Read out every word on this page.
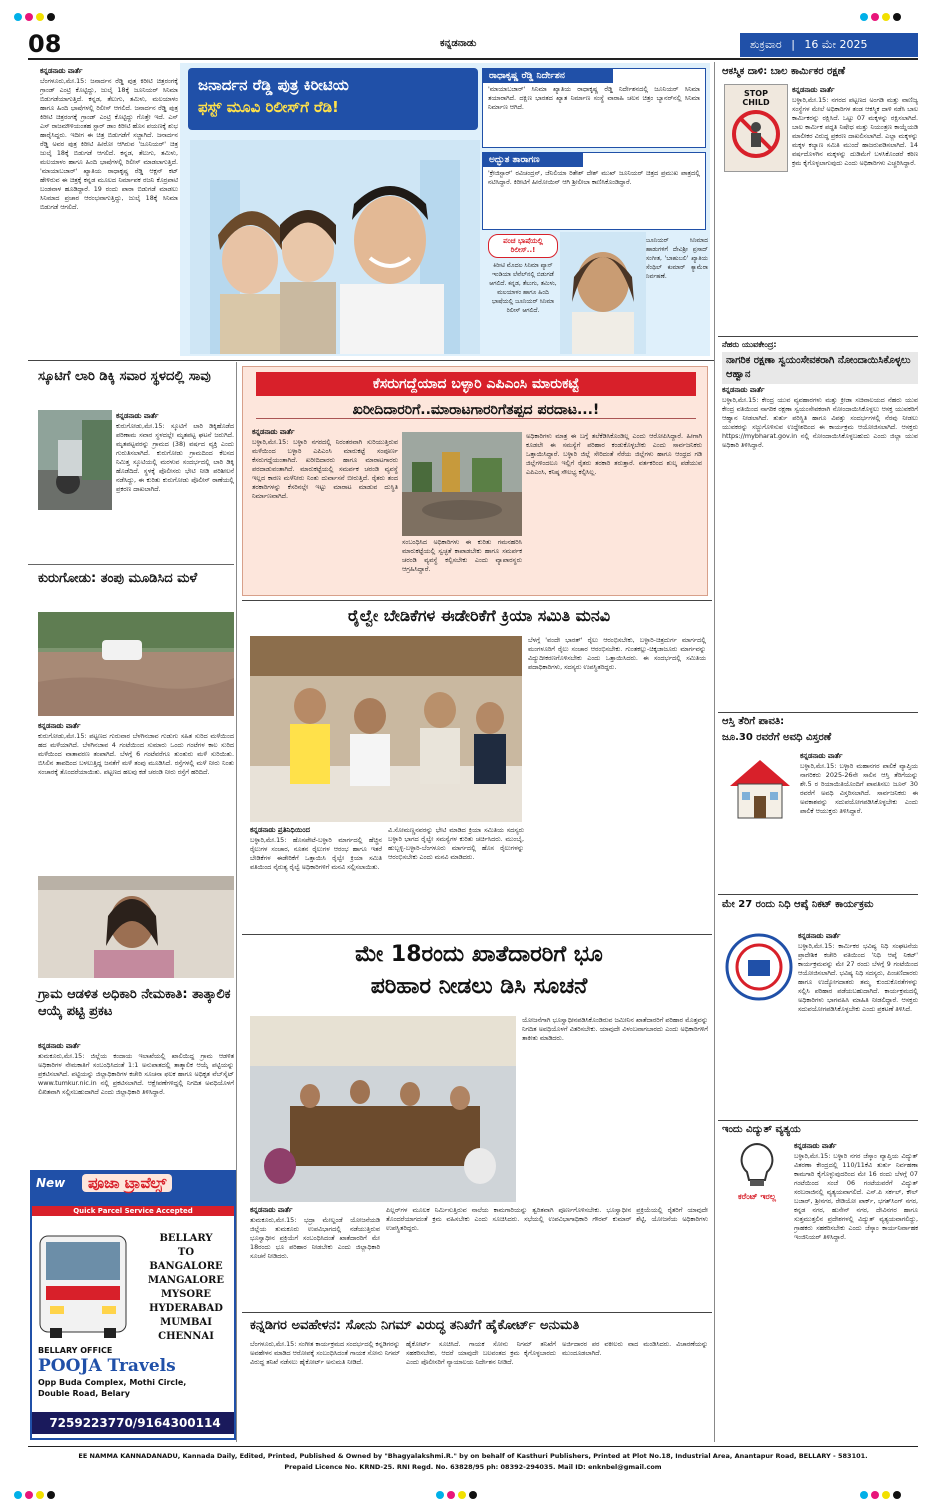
08	ಕನ್ನಡನಾಡು	ಶುಕ್ರವಾರ | 16 ಮೇ 2025
ಜನಾರ್ದನ ರೆಡ್ಡಿ ಪುತ್ರ ಕಿರೀಟಿಯ
ಫಸ್ಟ್ ಮೂವಿ ರಿಲೀಸ್‌ಗೆ ರೆಡಿ!
ಕನ್ನಡನಾಡು ವಾರ್ತೆ
ಬೆಂಗಳೂರು,ಮೇ.15: ಜನಾರ್ದನ ರೆಡ್ಡಿ ಪುತ್ರ ಕಿರೀಟಿ ಚಿತ್ರರಂಗಕ್ಕೆ ಗ್ರಾಂಡ್ ಎಂಟ್ರಿ ಕೊಟ್ಟಿದ್ದು, ಜುಲೈ 18ಕ್ಕೆ ಜೂನಿಯರ್ ಸಿನಿಮಾ ಬಿಡುಗಡೆಯಾಗುತ್ತಿದೆ. ಕನ್ನಡ, ತೆಲುಗು, ತಮಿಳು, ಮಲಯಾಳಂ ಹಾಗೂ ಹಿಂದಿ ಭಾಷೆಗಳಲ್ಲಿ ರಿಲೀಸ್ ಆಗಲಿದೆ. ಜನಾರ್ದನ ರೆಡ್ಡಿ ಪುತ್ರ ಕಿರೀಟಿ ಚಿತ್ರರಂಗಕ್ಕೆ ಗ್ರಾಂಡ್ ಎಂಟ್ರಿ ಕೊಟ್ಟಿದ್ದು ಗೊತ್ತೇ ಇದೆ. ಎಸ್ ಎಸ್ ರಾಜಮೌಳಿಯಂತಹ ಸ್ಟಾರ್ ಡಾಂ ಕಿರೀಟಿ ಹೊಸ ಪಯಣಕ್ಕೆ ಶುಭ ಹಾರೈಸಿದ್ದರು. ಇದೀಗ ಈ ಚಿತ್ರ ಬಿಡುಗಡೆಗೆ ಸಜ್ಜಾಗಿದೆ. ಜನಾರ್ದನ ರೆಡ್ಡಿ ಅವರ ಪುತ್ರ ಕಿರೀಟಿ ಹೀರೋ ಆಗಿರುವ 'ಜೂನಿಯರ್' ಚಿತ್ರ ಜುಲೈ 18ಕ್ಕೆ ಬಿಡುಗಡೆ ಆಗಲಿದೆ. ಕನ್ನಡ, ತೆಲುಗು, ತಮಿಳು, ಮಲಯಾಳಂ ಹಾಗೂ ಹಿಂದಿ ಭಾಷೆಗಳಲ್ಲಿ ರಿಲೀಸ್ ಮಾಡಲಾಗುತ್ತಿದೆ. 'ಮಾಯಾಬಜಾರ್' ಖ್ಯಾತಿಯ ರಾಧಾಕೃಷ್ಣ ರೆಡ್ಡಿ ಆಕ್ಷನ್ ಕಟ್ ಹೇಳಿರುವ ಈ ಚಿತ್ರಕ್ಕೆ ಕನ್ನಡ ಮೂಲದ ನಿರ್ಮಾಪಕ ರಜನಿ ಕೊರ್ರಪಾಟಿ ಬಂಡವಾಳ ಹೂಡಿದ್ದಾರೆ. 19 ರಂದು ಪಾರಾ ಬಿಡುಗಡೆ ಮಾಡಲು ಸಿನಿಮಾದ ಪ್ರಚಾರ ಆರಂಭವಾಗುತ್ತಿದ್ದು, ಜುಲೈ 18ಕ್ಕೆ ಸಿನಿಮಾ ಬಿಡುಗಡೆ ಆಗಲಿದೆ.
ರಾಧಾಕೃಷ್ಣ ರೆಡ್ಡಿ ನಿರ್ದೇಶನ
'ಮಾಯಾಬಜಾರ್' ಸಿನಿಮಾ ಖ್ಯಾತಿಯ ರಾಧಾಕೃಷ್ಣ ರೆಡ್ಡಿ ನಿರ್ದೇಶನದಲ್ಲಿ ಜೂನಿಯರ್ ಸಿನಿಮಾ ತಯಾರಾಗಿದೆ. ದಕ್ಷಿಣ ಭಾರತದ ಖ್ಯಾತ ನಿರ್ಮಾಣ ಸಂಸ್ಥೆ ವಾರಾಹಿ ಚಲನ ಚಿತ್ರಂ ಬ್ಯಾನರ್‌ನಲ್ಲಿ ಸಿನಿಮಾ ನಿರ್ಮಾಣ ಆಗಿದೆ.
ಅದ್ಭುತ ತಾರಾಗಣ
'ಕ್ರೇಜಿಸ್ಟಾರ್' ರವಿಚಂದ್ರನ್, ಜೆನಿಲಿಯಾ ರಿತೇಶ್ ದೇಶ್ ಮುಖ್ ಜೂನಿಯರ್ ಚಿತ್ರದ ಪ್ರಮುಖ ಪಾತ್ರದಲ್ಲಿ ನಟಿಸಿದ್ದಾರೆ. ಕಿರೀಟಿಗೆ ಹೀರೋಯಿನ್ ಆಗಿ ಶ್ರೀಲೀಲಾ ಕಾಣಿಸಿಕೊಂಡಿದ್ದಾರೆ.
ಜೂನಿಯರ್ ಸಿನಿಮಾದ ಹಾಡುಗಳಿಗೆ ದೇವಿಶ್ರೀ ಪ್ರಸಾದ್ ಸಂಗೀತ, 'ಬಾಹುಬಲಿ' ಖ್ಯಾತಿಯ ಸೆಂಥಿಲ್ ಕುಮಾರ್ ಕ್ಯಾಮೆರಾ ನಿರ್ವಹಣೆ.
ಪಂಚ ಭಾಷೆಯಲ್ಲಿ ರಿಲೀಸ್..!
ಕಿರೀಟಿ ಮೊದಲ ಸಿನಿಮಾ ಪ್ಯಾನ್ ಇಂಡಿಯಾ ಲೆವೆಲ್‌ನಲ್ಲಿ ಬಿಡುಗಡೆ ಆಗಲಿದೆ. ಕನ್ನಡ, ತೆಲುಗು, ತಮಿಳು, ಮಲಯಾಳಂ ಹಾಗೂ ಹಿಂದಿ ಭಾಷೆಯಲ್ಲಿ ಜೂನಿಯರ್ ಸಿನಿಮಾ ರಿಲೀಸ್ ಆಗಲಿದೆ.
ಸ್ಕೂಟಿಗೆ ಲಾರಿ ಡಿಕ್ಕಿ ಸವಾರ ಸ್ಥಳದಲ್ಲಿ ಸಾವು
ಕನ್ನಡನಾಡು ವಾರ್ತೆ
ಕುರುಗೋಡು,ಮೇ.15: ಸ್ಕೂಟಿಗೆ ಲಾರಿ ಡಿಕ್ಕಿಹೊಡೆದ ಪರಿಣಾಮ ಸವಾರ ಸ್ಥಳದಲ್ಲೇ ಮೃತಪಟ್ಟ ಘಟನೆ ಜರುಗಿದೆ. ಮೃತಪಟ್ಟವರನ್ನು ಗ್ರಾಮದ (38) ವರ್ಷದ ವ್ಯಕ್ತಿ ಎಂದು ಗುರುತಿಸಲಾಗಿದೆ. ಕುರುಗೋಡು ಗ್ರಾಮದಿಂದ ಕೆಲಸದ ನಿಮಿತ್ತ ಸ್ಕೂಟಿಯಲ್ಲಿ ಮರಳುವ ಸಂದರ್ಭದಲ್ಲಿ ಲಾರಿ ಡಿಕ್ಕಿ ಹೊಡೆದಿದೆ. ಸ್ಥಳಕ್ಕೆ ಪೊಲೀಸರು ಭೇಟಿ ನೀಡಿ ಪರಿಶೀಲನೆ ನಡೆಸಿದ್ದು, ಈ ಕುರಿತು ಕುರುಗೋಡು ಪೊಲೀಸ್ ಠಾಣೆಯಲ್ಲಿ ಪ್ರಕರಣ ದಾಖಲಾಗಿದೆ.
ಕುರುಗೋಡು: ತಂಪು ಮೂಡಿಸಿದ ಮಳೆ
ಕನ್ನಡನಾಡು ವಾರ್ತೆ
ಕುರುಗೋಡು,ಮೇ.15: ಪಟ್ಟಣದ ಗುರುವಾರ ಬೆಳಗಿನಜಾವ ಗುಡುಗು ಸಹಿತ ಸುರಿದ ಮಳೆಯಿಂದ ಹದ ಮಳೆಯಾಗಿದೆ. ಬೆಳಗಿನಜಾವ 4 ಗಂಟೆಯಿಂದ ಸುಮಾರು ಒಂದು ಗಂಟೆಗಳ ಕಾಲ ಸುರಿದ ಮಳೆಯಿಂದ ವಾತಾವರಣ ತಂಪಾಗಿದೆ. ಬೆಳಗ್ಗೆ 6 ಗಂಟೆವರೆಗೂ ತುಂತುರು ಮಳೆ ಸುರಿಯಿತು. ಬಿಸಿಲಿನ ತಾಪದಿಂದ ಬಳಲುತ್ತಿದ್ದ ಜನತೆಗೆ ಮಳೆ ತಂಪು ಮೂಡಿಸಿದೆ. ರಸ್ತೆಗಳಲ್ಲಿ ಮಳೆ ನೀರು ನಿಂತು ಸಂಚಾರಕ್ಕೆ ತೊಂದರೆಯಾಯಿತು. ಪಟ್ಟಣದ ಹಲವು ಕಡೆ ಚರಂಡಿ ನೀರು ರಸ್ತೆಗೆ ಹರಿದಿದೆ.
ಗ್ರಾಮ ಆಡಳಿತ ಅಧಿಕಾರಿ ನೇಮಕಾತಿ: ತಾತ್ಕಾಲಿಕ ಆಯ್ಕೆ ಪಟ್ಟಿ ಪ್ರಕಟ
ಕನ್ನಡನಾಡು ವಾರ್ತೆ
ತುಮಕೂರು,ಮೇ.15: ಜಿಲ್ಲೆಯ ಕಂದಾಯ ಇಲಾಖೆಯಲ್ಲಿ ಖಾಲಿಯಿದ್ದ ಗ್ರಾಮ ಆಡಳಿತ ಅಧಿಕಾರಿಗಳ ನೇಮಕಾತಿಗೆ ಸಂಬಂಧಿಸಿದಂತೆ 1:1 ಅನುಪಾತದಲ್ಲಿ ತಾತ್ಕಾಲಿಕ ಆಯ್ಕೆ ಪಟ್ಟಿಯನ್ನು ಪ್ರಕಟಿಸಲಾಗಿದೆ. ಪಟ್ಟಿಯನ್ನು ಜಿಲ್ಲಾಧಿಕಾರಿಗಳ ಕಚೇರಿ ಸೂಚನಾ ಫಲಕ ಹಾಗೂ ಅಧಿಕೃತ ವೆಬ್‌ಸೈಟ್ www.tumkur.nic.in ನಲ್ಲಿ ಪ್ರಕಟಿಸಲಾಗಿದೆ. ಆಕ್ಷೇಪಣೆಗಳಿದ್ದಲ್ಲಿ ನಿಗದಿತ ಅವಧಿಯೊಳಗೆ ಲಿಖಿತವಾಗಿ ಸಲ್ಲಿಸಬಹುದಾಗಿದೆ ಎಂದು ಜಿಲ್ಲಾಧಿಕಾರಿ ತಿಳಿಸಿದ್ದಾರೆ.
New	ಪೂಜಾ ಟ್ರಾವೆಲ್ಸ್
Quick Parcel Service Accepted
BELLARY
TO
BANGALORE
MANGALORE
MYSORE
HYDERABAD
MUMBAI
CHENNAI
BELLARY OFFICE
POOJA Travels
Opp Buda Complex, Mothi Circle,
Double Road, Belary
7259223770/9164300114
ಕೆಸರುಗದ್ದೆಯಾದ ಬಳ್ಳಾರಿ ಎಪಿಎಂಸಿ ಮಾರುಕಟ್ಟೆ
ಖರೀದಿದಾರರಿಗೆ..ಮಾರಾಟಗಾರರಿಗೆತಪ್ಪದ ಪರದಾಟ...!
ಕನ್ನಡನಾಡು ವಾರ್ತೆ
ಬಳ್ಳಾರಿ,ಮೇ.15: ಬಳ್ಳಾರಿ ನಗರದಲ್ಲಿ ನಿರಂತರವಾಗಿ ಸುರಿಯುತ್ತಿರುವ ಮಳೆಯಿಂದ ಬಳ್ಳಾರಿ ಎಪಿಎಂಸಿ ಮಾರುಕಟ್ಟೆ ಸಂಪೂರ್ಣ ಕೆಸರುಗದ್ದೆಯಂತಾಗಿದೆ. ಖರೀದಿದಾರರು ಹಾಗೂ ಮಾರಾಟಗಾರರು ಪರದಾಡುವಂತಾಗಿದೆ. ಮಾರುಕಟ್ಟೆಯಲ್ಲಿ ಸಮರ್ಪಕ ಚರಂಡಿ ವ್ಯವಸ್ಥೆ ಇಲ್ಲದ ಕಾರಣ ಮಳೆನೀರು ನಿಂತು ದುರ್ವಾಸನೆ ಬೀರುತ್ತಿದೆ. ರೈತರು ತಂದ ತರಕಾರಿಗಳನ್ನು ಕೆಸರಿನಲ್ಲೇ ಇಟ್ಟು ಮಾರಾಟ ಮಾಡುವ ದುಸ್ಥಿತಿ ನಿರ್ಮಾಣವಾಗಿದೆ.
ಸಂಬಂಧಿಸಿದ ಅಧಿಕಾರಿಗಳು ಈ ಕುರಿತು ಗಮನಹರಿಸಿ ಮಾರುಕಟ್ಟೆಯಲ್ಲಿ ಸ್ವಚ್ಛತೆ ಕಾಪಾಡಬೇಕು ಹಾಗೂ ಸಮರ್ಪಕ ಚರಂಡಿ ವ್ಯವಸ್ಥೆ ಕಲ್ಪಿಸಬೇಕು ಎಂದು ವ್ಯಾಪಾರಸ್ಥರು ಆಗ್ರಹಿಸಿದ್ದಾರೆ.
ಅಧಿಕಾರಿಗಳು ಮಾತ್ರ ಈ ಬಗ್ಗೆ ತಲೆಕೆಡಿಸಿಕೊಂಡಿಲ್ಲ ಎಂದು ಆರೋಪಿಸಿದ್ದಾರೆ. ಹೀಗಾಗಿ ಕೂಡಲೇ ಈ ಸಮಸ್ಯೆಗೆ ಪರಿಹಾರ ಕಂಡುಕೊಳ್ಳಬೇಕು ಎಂದು ಸಾರ್ವಜನಿಕರು ಒತ್ತಾಯಿಸಿದ್ದಾರೆ. ಬಳ್ಳಾರಿ ಜಿಲ್ಲೆ ಸೇರಿದಂತೆ ನೆರೆಯ ಜಿಲ್ಲೆಗಳು ಹಾಗೂ ಆಂಧ್ರದ ಗಡಿ ಜಿಲ್ಲೆಗಳಿಂದಲೂ ಇಲ್ಲಿಗೆ ರೈತರು ತರಕಾರಿ ತರುತ್ತಾರೆ. ವರ್ತಕರಿಂದ ಶುಲ್ಕ ಪಡೆಯುವ ಎಪಿಎಂಸಿ, ಕನಿಷ್ಠ ಸೌಲಭ್ಯ ಕಲ್ಪಿಸಿಲ್ಲ.
ರೈಲ್ವೇ ಬೇಡಿಕೆಗಳ ಈಡೇರಿಕೆಗೆ ಕ್ರಿಯಾ ಸಮಿತಿ ಮನವಿ
ಬೆಳಗ್ಗೆ 'ವಂದೇ ಭಾರತ್' ರೈಲು ಆರಂಭಿಸಬೇಕು, ಬಳ್ಳಾರಿ-ಚಿತ್ರದುರ್ಗ ಮಾರ್ಗದಲ್ಲಿ ಮಂಗಳೂರಿಗೆ ರೈಲು ಸಂಚಾರ ಆರಂಭಿಸಬೇಕು. ಗುಂತಕಲ್ಲು-ಚಿಕ್ಕಜಾಜೂರು ಮಾರ್ಗವನ್ನು ವಿದ್ಯುದೀಕರಣಗೊಳಿಸಬೇಕು ಎಂದು ಒತ್ತಾಯಿಸಿದರು. ಈ ಸಂದರ್ಭದಲ್ಲಿ ಸಮಿತಿಯ ಪದಾಧಿಕಾರಿಗಳು, ಸದಸ್ಯರು ಉಪಸ್ಥಿತರಿದ್ದರು.
ಕನ್ನಡನಾಡು ಪ್ರತಿನಿಧಿಯಿಂದ
ಬಳ್ಳಾರಿ,ಮೇ.15: ಹೊಸಪೇಟೆ-ಬಳ್ಳಾರಿ ಮಾರ್ಗದಲ್ಲಿ ಹೆಚ್ಚಿನ ರೈಲುಗಳ ಸಂಚಾರ, ನೂತನ ರೈಲುಗಳ ಆರಂಭ ಹಾಗೂ ಇತರೆ ಬೇಡಿಕೆಗಳ ಈಡೇರಿಕೆಗೆ ಒತ್ತಾಯಿಸಿ ರೈಲ್ವೇ ಕ್ರಿಯಾ ಸಮಿತಿ ವತಿಯಿಂದ ನೈರುತ್ಯ ರೈಲ್ವೆ ಅಧಿಕಾರಿಗಳಿಗೆ ಮನವಿ ಸಲ್ಲಿಸಲಾಯಿತು.
ವಿ.ಸೋಮಣ್ಣನವರನ್ನು ಭೇಟಿ ಮಾಡಿದ ಕ್ರಿಯಾ ಸಮಿತಿಯ ಸದಸ್ಯರು ಬಳ್ಳಾರಿ ಭಾಗದ ರೈಲ್ವೇ ಸಮಸ್ಯೆಗಳ ಕುರಿತು ಚರ್ಚಿಸಿದರು. ಮುಂಬೈ, ಹುಬ್ಬಳ್ಳಿ-ಬಳ್ಳಾರಿ-ಬೆಂಗಳೂರು ಮಾರ್ಗದಲ್ಲಿ ಹೊಸ ರೈಲುಗಳನ್ನು ಆರಂಭಿಸಬೇಕು ಎಂದು ಮನವಿ ಮಾಡಿದರು.
ಮೇ 18ರಂದು ಖಾತೆದಾರರಿಗೆ ಭೂ
ಪರಿಹಾರ ನೀಡಲು ಡಿಸಿ ಸೂಚನೆ
ಯೋಜನೆಗಾಗಿ ಭೂಸ್ವಾಧೀನಪಡಿಸಿಕೊಂಡಿರುವ ಜಮೀನಿನ ಖಾತೆದಾರರಿಗೆ ಪರಿಹಾರ ಮೊತ್ತವನ್ನು ನಿಗದಿತ ಅವಧಿಯೊಳಗೆ ವಿತರಿಸಬೇಕು. ಯಾವುದೇ ವಿಳಂಬವಾಗಬಾರದು ಎಂದು ಅಧಿಕಾರಿಗಳಿಗೆ ತಾಕೀತು ಮಾಡಿದರು.
ಕನ್ನಡನಾಡು ವಾರ್ತೆ
ತುಮಕೂರು,ಮೇ.15: ಭದ್ರಾ ಮೇಲ್ದಂಡೆ ಯೋಜನೆಯಡಿ ಜಿಲ್ಲೆಯ ತುಮಕೂರು ಉಪವಿಭಾಗದಲ್ಲಿ ನಡೆಯುತ್ತಿರುವ ಭೂಸ್ವಾಧೀನ ಪ್ರಕ್ರಿಯೆಗೆ ಸಂಬಂಧಿಸಿದಂತೆ ಖಾತೆದಾರರಿಗೆ ಮೇ 18ರಂದು ಭೂ ಪರಿಹಾರ ನೀಡಬೇಕು ಎಂದು ಜಿಲ್ಲಾಧಿಕಾರಿ ಸೂಚನೆ ನೀಡಿದರು.
ಪಿಲ್ಲರ್‌ಗಳ ಮೂಲಕ ನಿರ್ಮಿಸುತ್ತಿರುವ ನಾಲೆಯ ಕಾಮಗಾರಿಯನ್ನು ತ್ವರಿತವಾಗಿ ಪೂರ್ಣಗೊಳಿಸಬೇಕು. ಭೂಸ್ವಾಧೀನ ಪ್ರಕ್ರಿಯೆಯಲ್ಲಿ ರೈತರಿಗೆ ಯಾವುದೇ ತೊಂದರೆಯಾಗದಂತೆ ಕ್ರಮ ವಹಿಸಬೇಕು ಎಂದು ಸೂಚಿಸಿದರು. ಸಭೆಯಲ್ಲಿ ಉಪವಿಭಾಗಾಧಿಕಾರಿ ಗೌರವ್ ಕುಮಾರ್ ಶೆಟ್ಟಿ, ಯೋಜನೆಯ ಅಧಿಕಾರಿಗಳು ಉಪಸ್ಥಿತರಿದ್ದರು.
ಕನ್ನಡಿಗರ ಅವಹೇಳನ: ಸೋನು ನಿಗಮ್ ವಿರುದ್ಧ ತನಿಖೆಗೆ ಹೈಕೋರ್ಟ್ ಅನುಮತಿ
ಬೆಂಗಳೂರು,ಮೇ.15: ಸಂಗೀತ ಕಾರ್ಯಕ್ರಮದ ಸಂದರ್ಭದಲ್ಲಿ ಕನ್ನಡಿಗರನ್ನು ಅವಹೇಳನ ಮಾಡಿದ ಆರೋಪಕ್ಕೆ ಸಂಬಂಧಿಸಿದಂತೆ ಗಾಯಕ ಸೋನು ನಿಗಮ್ ವಿರುದ್ಧ ತನಿಖೆ ನಡೆಸಲು ಹೈಕೋರ್ಟ್ ಅನುಮತಿ ನೀಡಿದೆ.
ಹೈಕೋರ್ಟ್ ಸೂಚಿಸಿದೆ. ಗಾಯಕ ಸೋನು ನಿಗಮ್ ತನಿಖೆಗೆ ಸಹಕರಿಸಬೇಕು, ಆದರೆ ಯಾವುದೇ ಬಲವಂತದ ಕ್ರಮ ಕೈಗೊಳ್ಳಬಾರದು ಎಂದು ಪೊಲೀಸರಿಗೆ ನ್ಯಾಯಾಲಯ ನಿರ್ದೇಶನ ನೀಡಿದೆ.
ಅರ್ಜಿದಾರರ ಪರ ವಕೀಲರು ವಾದ ಮಂಡಿಸಿದರು. ವಿಚಾರಣೆಯನ್ನು ಮುಂದೂಡಲಾಗಿದೆ.
ಆಕಸ್ಮಿಕ ದಾಳಿ: ಬಾಲ ಕಾರ್ಮಿಕರ ರಕ್ಷಣೆ
STOP
CHILD
ಕನ್ನಡನಾಡು ವಾರ್ತೆ
ಬಳ್ಳಾರಿ,ಮೇ.15: ನಗರದ ಪಟ್ಟಣದ ಅಂಗಡಿ ಮತ್ತು ವಾಣಿಜ್ಯ ಸಂಸ್ಥೆಗಳ ಮೇಲೆ ಅಧಿಕಾರಿಗಳ ತಂಡ ಆಕಸ್ಮಿಕ ದಾಳಿ ನಡೆಸಿ ಬಾಲ ಕಾರ್ಮಿಕರನ್ನು ರಕ್ಷಿಸಿದೆ. ಒಟ್ಟು 07 ಮಕ್ಕಳನ್ನು ರಕ್ಷಿಸಲಾಗಿದೆ. ಬಾಲ ಕಾರ್ಮಿಕ ಪದ್ಧತಿ ನಿಷೇಧ ಮತ್ತು ನಿಯಂತ್ರಣ ಕಾಯ್ದೆಯಡಿ ಮಾಲೀಕರ ವಿರುದ್ಧ ಪ್ರಕರಣ ದಾಖಲಿಸಲಾಗಿದೆ. ಎಲ್ಲಾ ಮಕ್ಕಳನ್ನು ಮಕ್ಕಳ ಕಲ್ಯಾಣ ಸಮಿತಿ ಮುಂದೆ ಹಾಜರುಪಡಿಸಲಾಗಿದೆ. 14 ವರ್ಷದೊಳಗಿನ ಮಕ್ಕಳನ್ನು ದುಡಿಮೆಗೆ ಬಳಸಿಕೊಂಡರೆ ಕಠಿಣ ಕ್ರಮ ಕೈಗೊಳ್ಳಲಾಗುವುದು ಎಂದು ಅಧಿಕಾರಿಗಳು ಎಚ್ಚರಿಸಿದ್ದಾರೆ.
ನೆಹರು ಯುವಕೇಂದ್ರ:
ನಾಗರಿಕ ರಕ್ಷಣಾ ಸ್ವಯಂಸೇವಕರಾಗಿ ನೋಂದಾಯಿಸಿಕೊಳ್ಳಲು ಆಹ್ವಾನ
ಕನ್ನಡನಾಡು ವಾರ್ತೆ
ಬಳ್ಳಾರಿ,ಮೇ.15: ಕೇಂದ್ರ ಯುವ ವ್ಯವಹಾರಗಳು ಮತ್ತು ಕ್ರೀಡಾ ಸಚಿವಾಲಯದ ನೆಹರು ಯುವ ಕೇಂದ್ರ ವತಿಯಿಂದ ನಾಗರಿಕ ರಕ್ಷಣಾ ಸ್ವಯಂಸೇವಕರಾಗಿ ನೋಂದಾಯಿಸಿಕೊಳ್ಳಲು ಆಸಕ್ತ ಯುವಕರಿಗೆ ಆಹ್ವಾನ ನೀಡಲಾಗಿದೆ. ತುರ್ತು ಪರಿಸ್ಥಿತಿ ಹಾಗೂ ವಿಪತ್ತು ಸಂದರ್ಭಗಳಲ್ಲಿ ನೆರವು ನೀಡಲು ಯುವಕರನ್ನು ಸಜ್ಜುಗೊಳಿಸುವ ಉದ್ದೇಶದಿಂದ ಈ ಕಾರ್ಯಕ್ರಮ ಆಯೋಜಿಸಲಾಗಿದೆ. ಆಸಕ್ತರು https://mybharat.gov.in ನಲ್ಲಿ ನೋಂದಾಯಿಸಿಕೊಳ್ಳಬಹುದು ಎಂದು ಜಿಲ್ಲಾ ಯುವ ಅಧಿಕಾರಿ ತಿಳಿಸಿದ್ದಾರೆ.
ಆಸ್ತಿ ತೆರಿಗೆ ಪಾವತಿ:
ಜೂ.30 ರವರೆಗೆ ಅವಧಿ ವಿಸ್ತರಣೆ
ಕನ್ನಡನಾಡು ವಾರ್ತೆ
ಬಳ್ಳಾರಿ,ಮೇ.15: ಬಳ್ಳಾರಿ ಮಹಾನಗರ ಪಾಲಿಕೆ ವ್ಯಾಪ್ತಿಯ ನಾಗರಿಕರು 2025-26ನೇ ಸಾಲಿನ ಆಸ್ತಿ ತೆರಿಗೆಯನ್ನು ಶೇ.5 ರ ರಿಯಾಯಿತಿಯೊಂದಿಗೆ ಪಾವತಿಸಲು ಜೂನ್ 30 ರವರೆಗೆ ಅವಧಿ ವಿಸ್ತರಿಸಲಾಗಿದೆ. ಸಾರ್ವಜನಿಕರು ಈ ಅವಕಾಶವನ್ನು ಸದುಪಯೋಗಪಡಿಸಿಕೊಳ್ಳಬೇಕು ಎಂದು ಪಾಲಿಕೆ ಆಯುಕ್ತರು ತಿಳಿಸಿದ್ದಾರೆ.
ಮೇ 27 ರಂದು ನಿಧಿ ಆಪ್ಕೆ ನಿಕಟ್ ಕಾರ್ಯಕ್ರಮ
ಕನ್ನಡನಾಡು ವಾರ್ತೆ
ಬಳ್ಳಾರಿ,ಮೇ.15: ಕಾರ್ಮಿಕರ ಭವಿಷ್ಯ ನಿಧಿ ಸಂಘಟನೆಯ ಪ್ರಾದೇಶಿಕ ಕಚೇರಿ ವತಿಯಿಂದ 'ನಿಧಿ ಆಪ್ಕೆ ನಿಕಟ್' ಕಾರ್ಯಕ್ರಮವನ್ನು ಮೇ 27 ರಂದು ಬೆಳಗ್ಗೆ 9 ಗಂಟೆಯಿಂದ ಆಯೋಜಿಸಲಾಗಿದೆ. ಭವಿಷ್ಯ ನಿಧಿ ಸದಸ್ಯರು, ಪಿಂಚಣಿದಾರರು ಹಾಗೂ ಉದ್ಯೋಗದಾತರು ತಮ್ಮ ಕುಂದುಕೊರತೆಗಳನ್ನು ಸಲ್ಲಿಸಿ ಪರಿಹಾರ ಪಡೆಯಬಹುದಾಗಿದೆ. ಕಾರ್ಯಕ್ರಮದಲ್ಲಿ ಅಧಿಕಾರಿಗಳು ಭಾಗವಹಿಸಿ ಮಾಹಿತಿ ನೀಡಲಿದ್ದಾರೆ. ಆಸಕ್ತರು ಸದುಪಯೋಗಪಡಿಸಿಕೊಳ್ಳಬೇಕು ಎಂದು ಪ್ರಕಟಣೆ ತಿಳಿಸಿದೆ.
ಇಂದು ವಿದ್ಯುತ್ ವ್ಯತ್ಯಯ
ಕರೆಂಟ್ ಇರಲ್ಲ
ಕನ್ನಡನಾಡು ವಾರ್ತೆ
ಬಳ್ಳಾರಿ,ಮೇ.15: ಬಳ್ಳಾರಿ ನಗರ ಜೆಸ್ಕಾಂ ವ್ಯಾಪ್ತಿಯ ವಿದ್ಯುತ್ ವಿತರಣಾ ಕೇಂದ್ರದಲ್ಲಿ 110/11ಕೆವಿ ತುರ್ತು ನಿರ್ವಹಣಾ ಕಾಮಗಾರಿ ಕೈಗೊಳ್ಳುವುದರಿಂದ ಮೇ 16 ರಂದು ಬೆಳಗ್ಗೆ 07 ಗಂಟೆಯಿಂದ ಸಂಜೆ 06 ಗಂಟೆಯವರೆಗೆ ವಿದ್ಯುತ್ ಸರಬರಾಜಿನಲ್ಲಿ ವ್ಯತ್ಯಯವಾಗಲಿದೆ. ಎಸ್.ಪಿ ಸರ್ಕಲ್, ಕೌಲ್ ಬಜಾರ್, ಶ್ರೀನಗರ, ರೇಡಿಯೋ ಪಾರ್ಕ್, ಭಗತ್‌ಸಿಂಗ್ ನಗರ, ಕನ್ನಡ ನಗರ, ಹುಸೇನ್ ನಗರ, ದೇವಿನಗರ ಹಾಗೂ ಸುತ್ತಮುತ್ತಲಿನ ಪ್ರದೇಶಗಳಲ್ಲಿ ವಿದ್ಯುತ್ ವ್ಯತ್ಯಯವಾಗಲಿದ್ದು, ಗ್ರಾಹಕರು ಸಹಕರಿಸಬೇಕು ಎಂದು ಜೆಸ್ಕಾಂ ಕಾರ್ಯನಿರ್ವಾಹಕ ಇಂಜಿನಿಯರ್ ತಿಳಿಸಿದ್ದಾರೆ.
EE NAMMA KANNADANADU, Kannada Daily, Edited, Printed, Published & Owned by "Bhagyalakshmi.R." by on behalf of Kasthuri Publishers, Printed at Plot No.18, Industrial Area, Anantapur Road, BELLARY - 583101.
Prepaid Licence No. KRND-25. RNI Regd. No. 63828/95 ph: 08392-294035. Mail ID: enknbel@gmail.com
